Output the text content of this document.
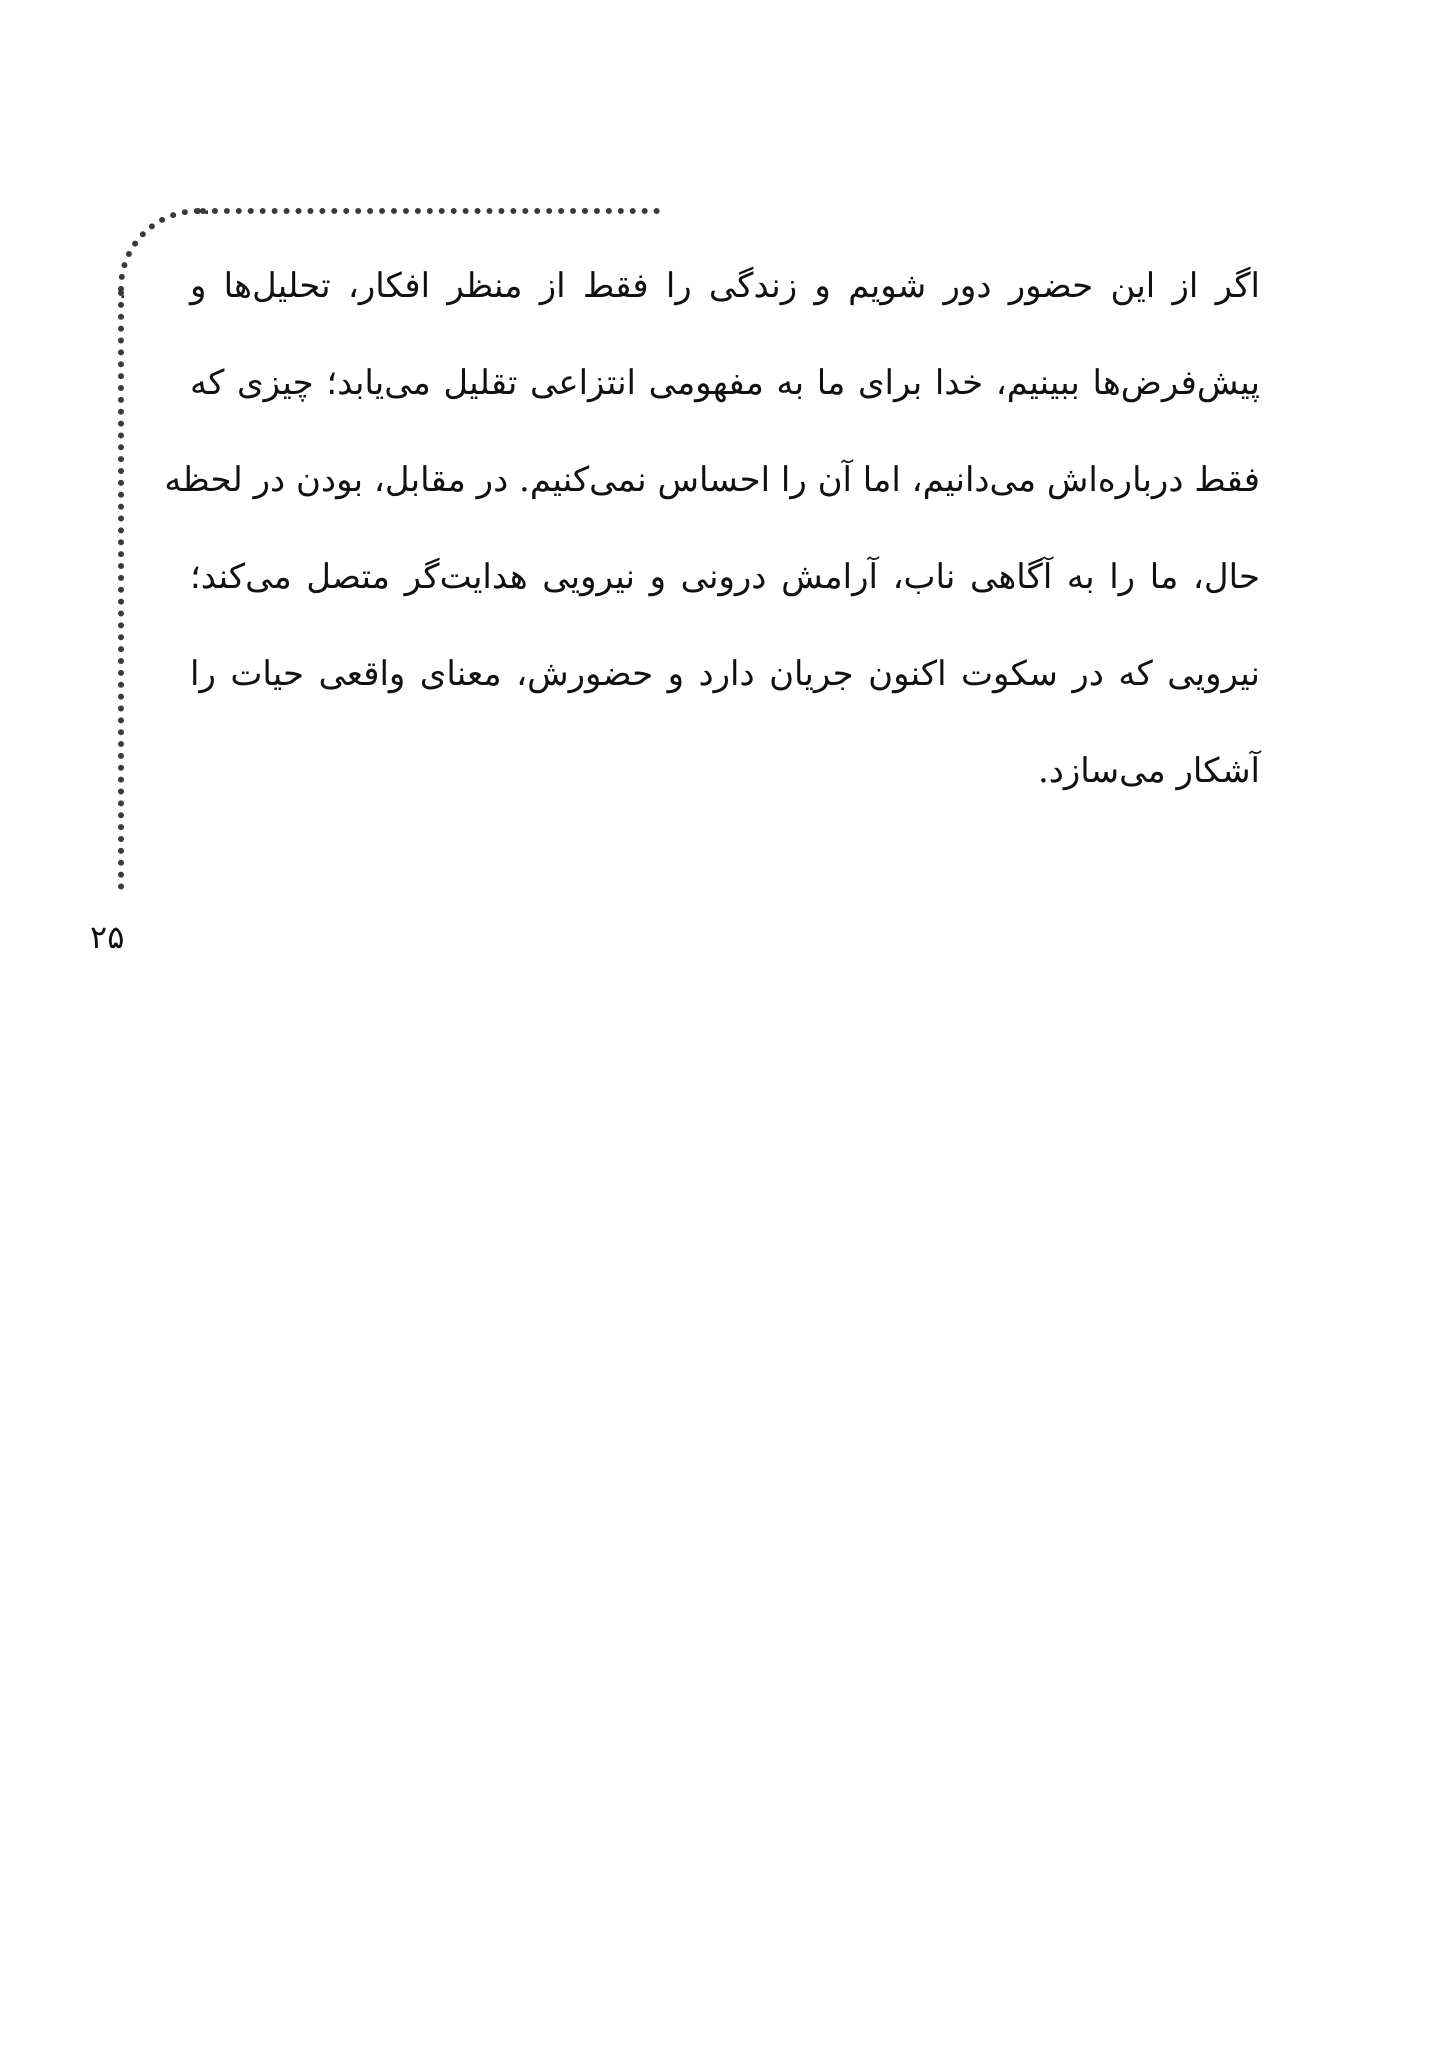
اگر از این حضور دور شویم و زندگی را فقط از منظر افکار، تحلیل‌ها و
پیش‌فرض‌ها ببینیم، خدا برای ما به مفهومی انتزاعی تقلیل می‌یابد؛ چیزی که
فقط درباره‌اش می‌دانیم، اما آن را احساس نمی‌کنیم. در مقابل، بودن در لحظه
حال، ما را به آگاهی ناب، آرامش درونی و نیرویی هدایت‌گر متصل می‌کند؛
نیرویی که در سکوت اکنون جریان دارد و حضورش، معنای واقعی حیات را
آشکار می‌سازد.

۲۵
